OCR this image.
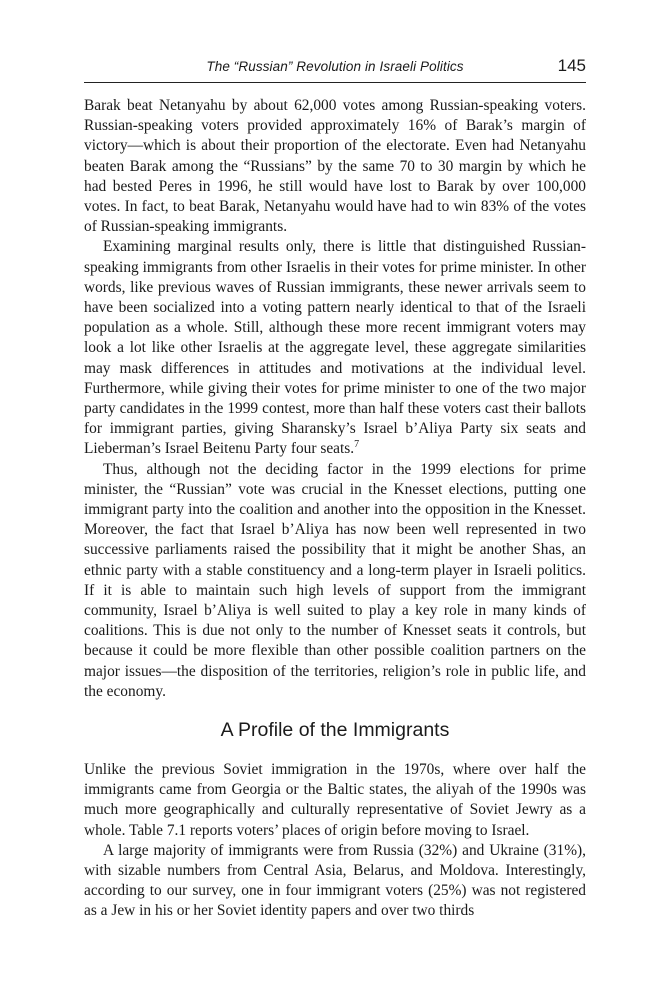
The “Russian” Revolution in Israeli Politics	145

Barak beat Netanyahu by about 62,000 votes among Russian-speaking voters. Russian-speaking voters provided approximately 16% of Barak’s margin of victory—which is about their proportion of the electorate. Even had Netanyahu beaten Barak among the “Russians” by the same 70 to 30 margin by which he had bested Peres in 1996, he still would have lost to Barak by over 100,000 votes. In fact, to beat Barak, Netanyahu would have had to win 83% of the votes of Russian-speaking immigrants.

Examining marginal results only, there is little that distinguished Russian-speaking immigrants from other Israelis in their votes for prime minister. In other words, like previous waves of Russian immigrants, these newer arrivals seem to have been socialized into a voting pattern nearly identical to that of the Israeli population as a whole. Still, although these more recent immigrant voters may look a lot like other Israelis at the aggregate level, these aggregate similarities may mask differences in attitudes and motivations at the individual level. Furthermore, while giving their votes for prime minister to one of the two major party candidates in the 1999 contest, more than half these voters cast their ballots for immigrant parties, giving Sharansky’s Israel b’Aliya Party six seats and Lieberman’s Israel Beitenu Party four seats.$^7$

Thus, although not the deciding factor in the 1999 elections for prime minister, the “Russian” vote was crucial in the Knesset elections, putting one immigrant party into the coalition and another into the opposition in the Knesset. Moreover, the fact that Israel b’Aliya has now been well represented in two successive parliaments raised the possibility that it might be another Shas, an ethnic party with a stable constituency and a long-term player in Israeli politics. If it is able to maintain such high levels of support from the immigrant community, Israel b’Aliya is well suited to play a key role in many kinds of coalitions. This is due not only to the number of Knesset seats it controls, but because it could be more flexible than other possible coalition partners on the major issues—the disposition of the territories, religion’s role in public life, and the economy.

A Profile of the Immigrants

Unlike the previous Soviet immigration in the 1970s, where over half the immigrants came from Georgia or the Baltic states, the aliyah of the 1990s was much more geographically and culturally representative of Soviet Jewry as a whole. Table 7.1 reports voters’ places of origin before moving to Israel.

A large majority of immigrants were from Russia (32%) and Ukraine (31%), with sizable numbers from Central Asia, Belarus, and Moldova. Interestingly, according to our survey, one in four immigrant voters (25%) was not registered as a Jew in his or her Soviet identity papers and over two thirds
